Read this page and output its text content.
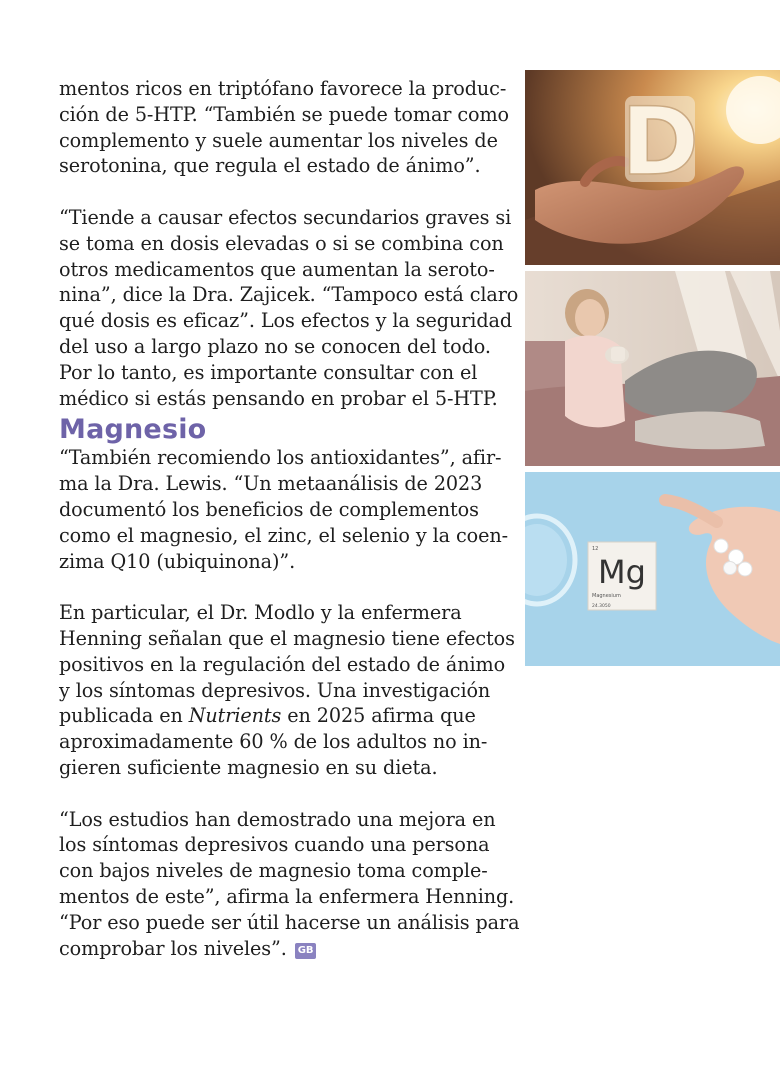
mentos ricos en triptófano favorece la produc-
ción de 5-HTP. “También se puede tomar como
complemento y suele aumentar los niveles de
serotonina, que regula el estado de ánimo”.
“Tiende a causar efectos secundarios graves si
se toma en dosis elevadas o si se combina con
otros medicamentos que aumentan la seroto-
nina”, dice la Dra. Zajicek. “Tampoco está claro
qué dosis es eficaz”. Los efectos y la seguridad
del uso a largo plazo no se conocen del todo.
Por lo tanto, es importante consultar con el
médico si estás pensando en probar el 5-HTP.
Magnesio
“También recomiendo los antioxidantes”, afir-
ma la Dra. Lewis. “Un metaanálisis de 2023
documentó los beneficios de complementos
como el magnesio, el zinc, el selenio y la coen-
zima Q10 (ubiquinona)”.
En particular, el Dr. Modlo y la enfermera
Henning señalan que el magnesio tiene efectos
positivos en la regulación del estado de ánimo
y los síntomas depresivos. Una investigación
publicada en Nutrients en 2025 afirma que
aproximadamente 60 % de los adultos no in-
gieren suficiente magnesio en su dieta.
“Los estudios han demostrado una mejora en
los síntomas depresivos cuando una persona
con bajos niveles de magnesio toma comple-
mentos de este”, afirma la enfermera Henning.
“Por eso puede ser útil hacerse un análisis para
comprobar los niveles”. GB
D
12
Mg
Magnesium
24.3050
